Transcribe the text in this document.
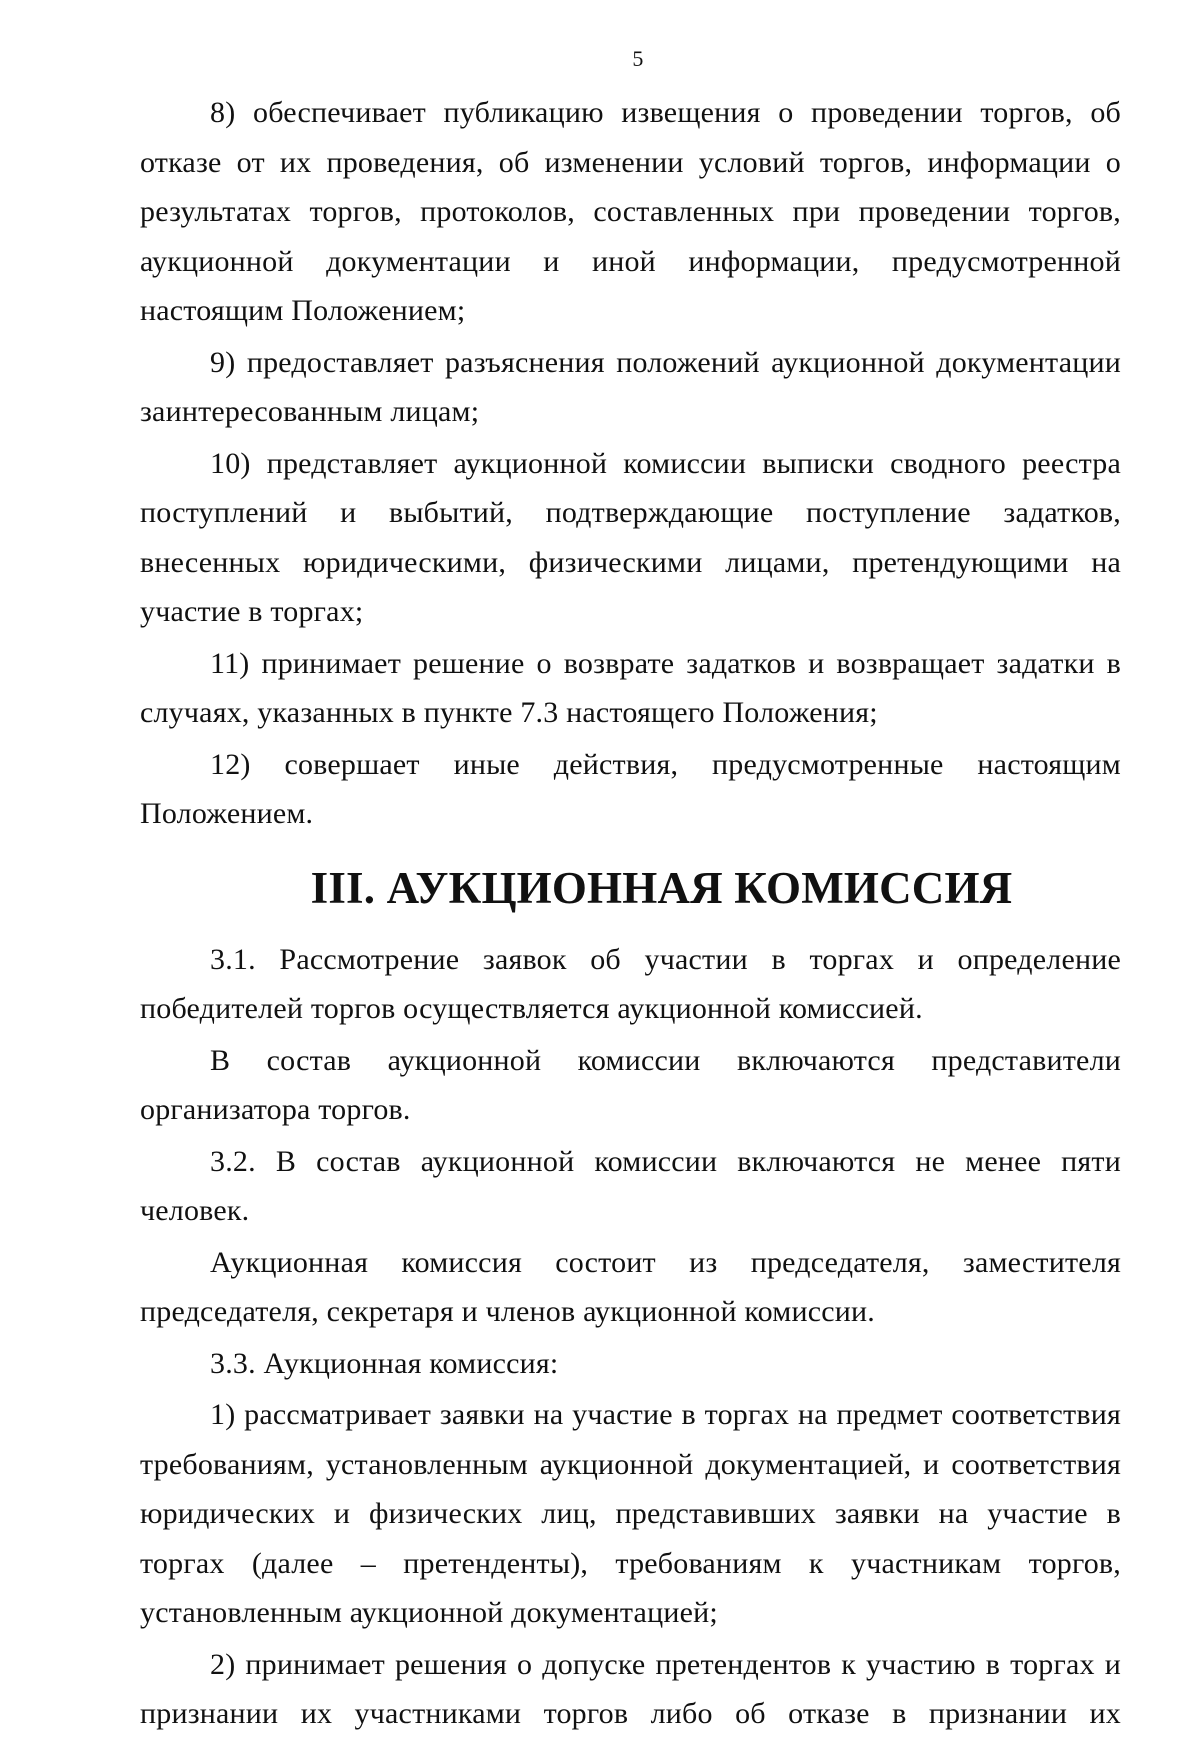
5

8) обеспечивает публикацию извещения о проведении торгов, об отказе от их проведения, об изменении условий торгов, информации о результатах торгов, протоколов, составленных при проведении торгов, аукционной документации и иной информации, предусмотренной настоящим Положением;

9) предоставляет разъяснения положений аукционной документации заинтересованным лицам;

10) представляет аукционной комиссии выписки сводного реестра поступлений и выбытий, подтверждающие поступление задатков, внесенных юридическими, физическими лицами, претендующими на участие в торгах;

11) принимает решение о возврате задатков и возвращает задатки в случаях, указанных в пункте 7.3 настоящего Положения;

12) совершает иные действия, предусмотренные настоящим Положением.

III. АУКЦИОННАЯ КОМИССИЯ

3.1. Рассмотрение заявок об участии в торгах и определение победителей торгов осуществляется аукционной комиссией.

В состав аукционной комиссии включаются представители организатора торгов.

3.2. В состав аукционной комиссии включаются не менее пяти человек.

Аукционная комиссия состоит из председателя, заместителя председателя, секретаря и членов аукционной комиссии.

3.3. Аукционная комиссия:

1) рассматривает заявки на участие в торгах на предмет соответствия требованиям, установленным аукционной документацией, и соответствия юридических и физических лиц, представивших заявки на участие в торгах (далее – претенденты), требованиям к участникам торгов, установленным аукционной документацией;

2) принимает решения о допуске претендентов к участию в торгах и признании их участниками торгов либо об отказе в признании их
